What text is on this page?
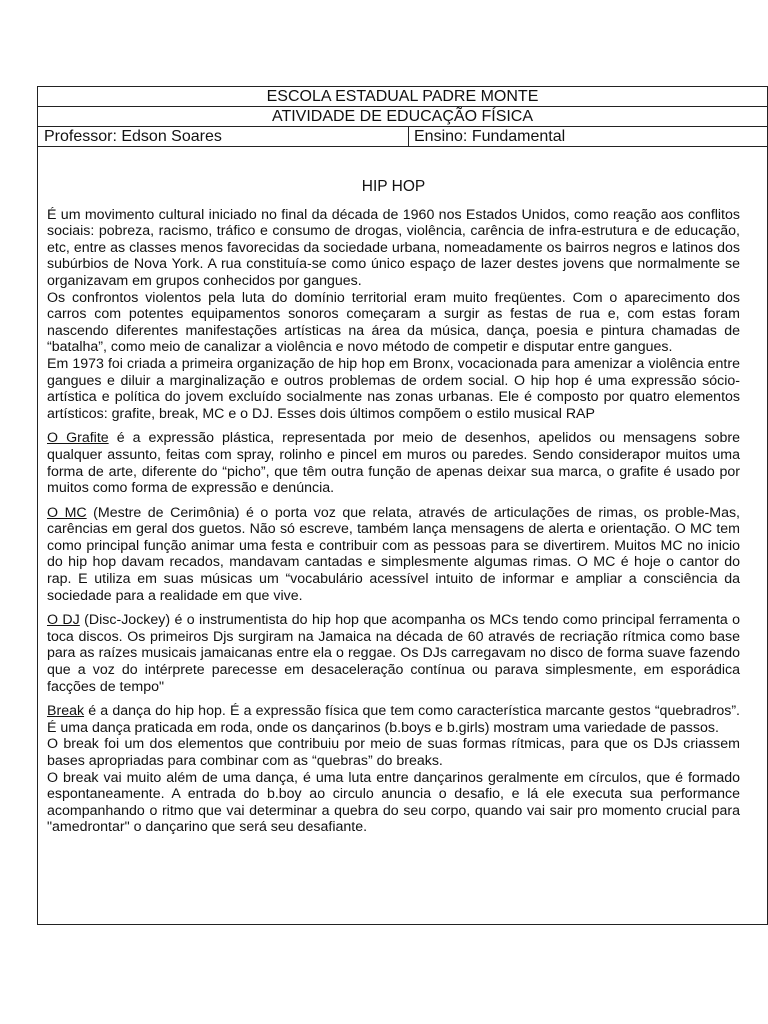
ESCOLA ESTADUAL PADRE MONTE
ATIVIDADE DE EDUCAÇÃO FÍSICA
Professor: Edson Soares	Ensino: Fundamental
HIP HOP

É um movimento cultural iniciado no final da década de 1960 nos Estados Unidos, como reação aos conflitos sociais: pobreza, racismo, tráfico e consumo de drogas, violência, carência de infra-estrutura e de educação, etc, entre as classes menos favorecidas da sociedade urbana, nomeadamente os bairros negros e latinos dos subúrbios de Nova York. A rua constituía-se como único espaço de lazer destes jovens que normalmente se organizavam em grupos conhecidos por gangues.

Os confrontos violentos pela luta do domínio territorial eram muito freqüentes. Com o aparecimento dos carros com potentes equipamentos sonoros começaram a surgir as festas de rua e, com estas foram nascendo diferentes manifestações artísticas na área da música, dança, poesia e pintura chamadas de “batalha”, como meio de canalizar a violência e novo método de competir e disputar entre gangues.

Em 1973 foi criada a primeira organização de hip hop em Bronx, vocacionada para amenizar a violência entre gangues e diluir a marginalização e outros problemas de ordem social. O hip hop é uma expressão sócio-artística e política do jovem excluído socialmente nas zonas urbanas. Ele é composto por quatro elementos artísticos: grafite, break, MC e o DJ. Esses dois últimos compõem o estilo musical RAP

O Grafite é a expressão plástica, representada por meio de desenhos, apelidos ou mensagens sobre qualquer assunto, feitas com spray, rolinho e pincel em muros ou paredes. Sendo considerapor muitos uma forma de arte, diferente do “picho”, que têm outra função de apenas deixar sua marca, o grafite é usado por muitos como forma de expressão e denúncia.

O MC (Mestre de Cerimônia) é o porta voz que relata, através de articulações de rimas, os proble-Mas, carências em geral dos guetos. Não só escreve, também lança mensagens de alerta e orientação. O MC tem como principal função animar uma festa e contribuir com as pessoas para se divertirem. Muitos MC no inicio do hip hop davam recados, mandavam cantadas e simplesmente algumas rimas. O MC é hoje o cantor do rap. E utiliza em suas músicas um “vocabulário acessível intuito de informar e ampliar a consciência da sociedade para a realidade em que vive.

O DJ (Disc-Jockey) é o instrumentista do hip hop que acompanha os MCs tendo como principal ferramenta o toca discos. Os primeiros Djs surgiram na Jamaica na década de 60 através de recriação rítmica como base para as raízes musicais jamaicanas entre ela o reggae. Os DJs carregavam no disco de forma suave fazendo que a voz do intérprete parecesse em desaceleração contínua ou parava simplesmente, em esporádica facções de tempo"

Break é a dança do hip hop. É a expressão física que tem como característica marcante gestos “quebradros”. É uma dança praticada em roda, onde os dançarinos (b.boys e b.girls) mostram uma variedade de passos.

O break foi um dos elementos que contribuiu por meio de suas formas rítmicas, para que os DJs criassem bases apropriadas para combinar com as “quebras” do breaks.

O break vai muito além de uma dança, é uma luta entre dançarinos geralmente em círculos, que é formado espontaneamente. A entrada do b.boy ao circulo anuncia o desafio, e lá ele executa sua performance acompanhando o ritmo que vai determinar a quebra do seu corpo, quando vai sair pro momento crucial para "amedrontar" o dançarino que será seu desafiante.
